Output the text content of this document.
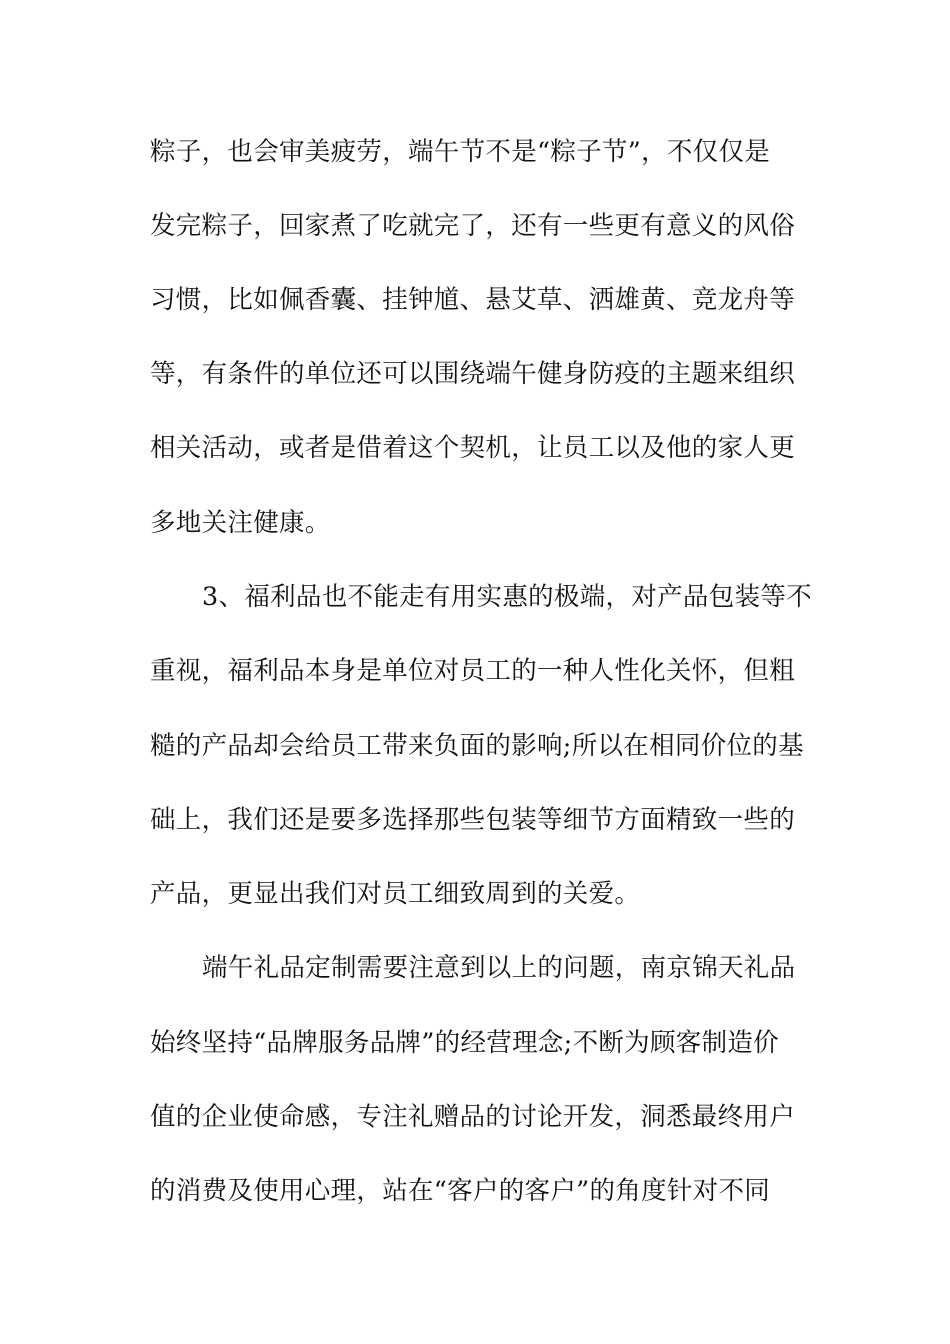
粽子，也会审美疲劳，端午节不是“粽子节”，不仅仅是
发完粽子，回家煮了吃就完了，还有一些更有意义的风俗
习惯，比如佩香囊、挂钟馗、悬艾草、洒雄黄、竞龙舟等
等，有条件的单位还可以围绕端午健身防疫的主题来组织
相关活动，或者是借着这个契机，让员工以及他的家人更
多地关注健康。
3、福利品也不能走有用实惠的极端，对产品包装等不
重视，福利品本身是单位对员工的一种人性化关怀，但粗
糙的产品却会给员工带来负面的影响;所以在相同价位的基
础上，我们还是要多选择那些包装等细节方面精致一些的
产品，更显出我们对员工细致周到的关爱。
端午礼品定制需要注意到以上的问题，南京锦天礼品
始终坚持“品牌服务品牌”的经营理念;不断为顾客制造价
值的企业使命感，专注礼赠品的讨论开发，洞悉最终用户
的消费及使用心理，站在“客户的客户”的角度针对不同
